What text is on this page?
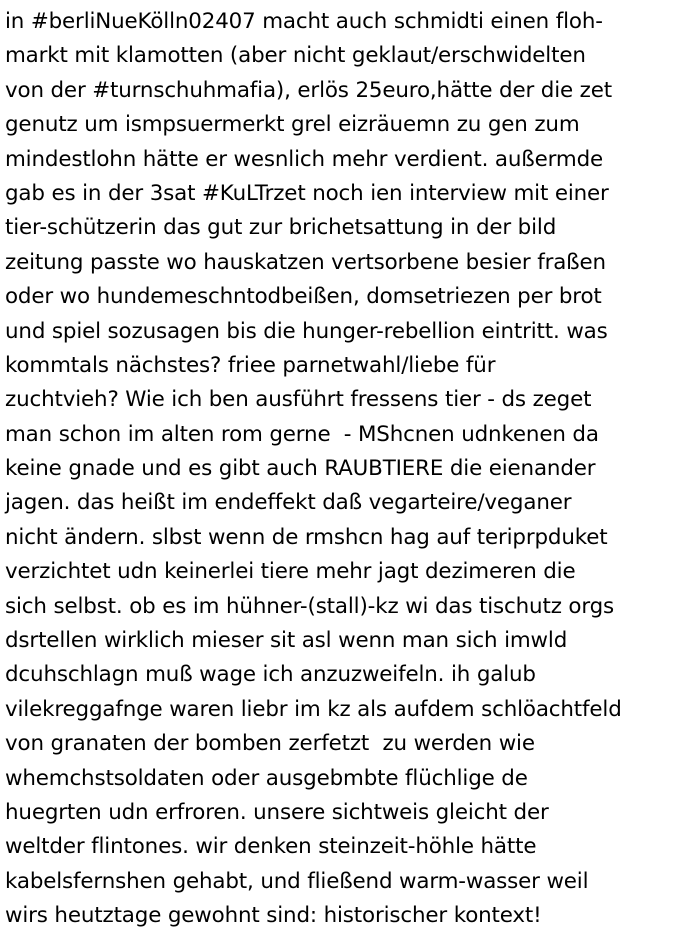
in #berliNueKölln02407 macht auch schmidti einen floh-
markt mit klamotten (aber nicht geklaut/erschwidelten
von der #turnschuhmafia), erlös 25euro,hätte der die zet
genutz um ismpsuermerkt grel eizräuemn zu gen zum
mindestlohn hätte er wesnlich mehr verdient. außermde
gab es in der 3sat #KuLTrzet noch ien interview mit einer
tier-schützerin das gut zur brichetsattung in der bild
zeitung passte wo hauskatzen vertsorbene besier fraßen
oder wo hundemeschntodbeißen, domsetriezen per brot
und spiel sozusagen bis die hunger-rebellion eintritt. was
kommtals nächstes? friee parnetwahl/liebe für
zuchtvieh? Wie ich ben ausführt fressens tier - ds zeget
man schon im alten rom gerne  - MShcnen udnkenen da
keine gnade und es gibt auch RAUBTIERE die eienander
jagen. das heißt im endeffekt daß vegarteire/veganer
nicht ändern. slbst wenn de rmshcn hag auf teriprpduket
verzichtet udn keinerlei tiere mehr jagt dezimeren die
sich selbst. ob es im hühner-(stall)-kz wi das tischutz orgs
dsrtellen wirklich mieser sit asl wenn man sich imwld
dcuhschlagn muß wage ich anzuzweifeln. ih galub
vilekreggafnge waren liebr im kz als aufdem schlöachtfeld
von granaten der bomben zerfetzt  zu werden wie
whemchstsoldaten oder ausgebmbte flüchlige de
huegrten udn erfroren. unsere sichtweis gleicht der
weltder flintones. wir denken steinzeit-höhle hätte
kabelsfernshen gehabt, und fließend warm-wasser weil
wirs heutztage gewohnt sind: historischer kontext!
